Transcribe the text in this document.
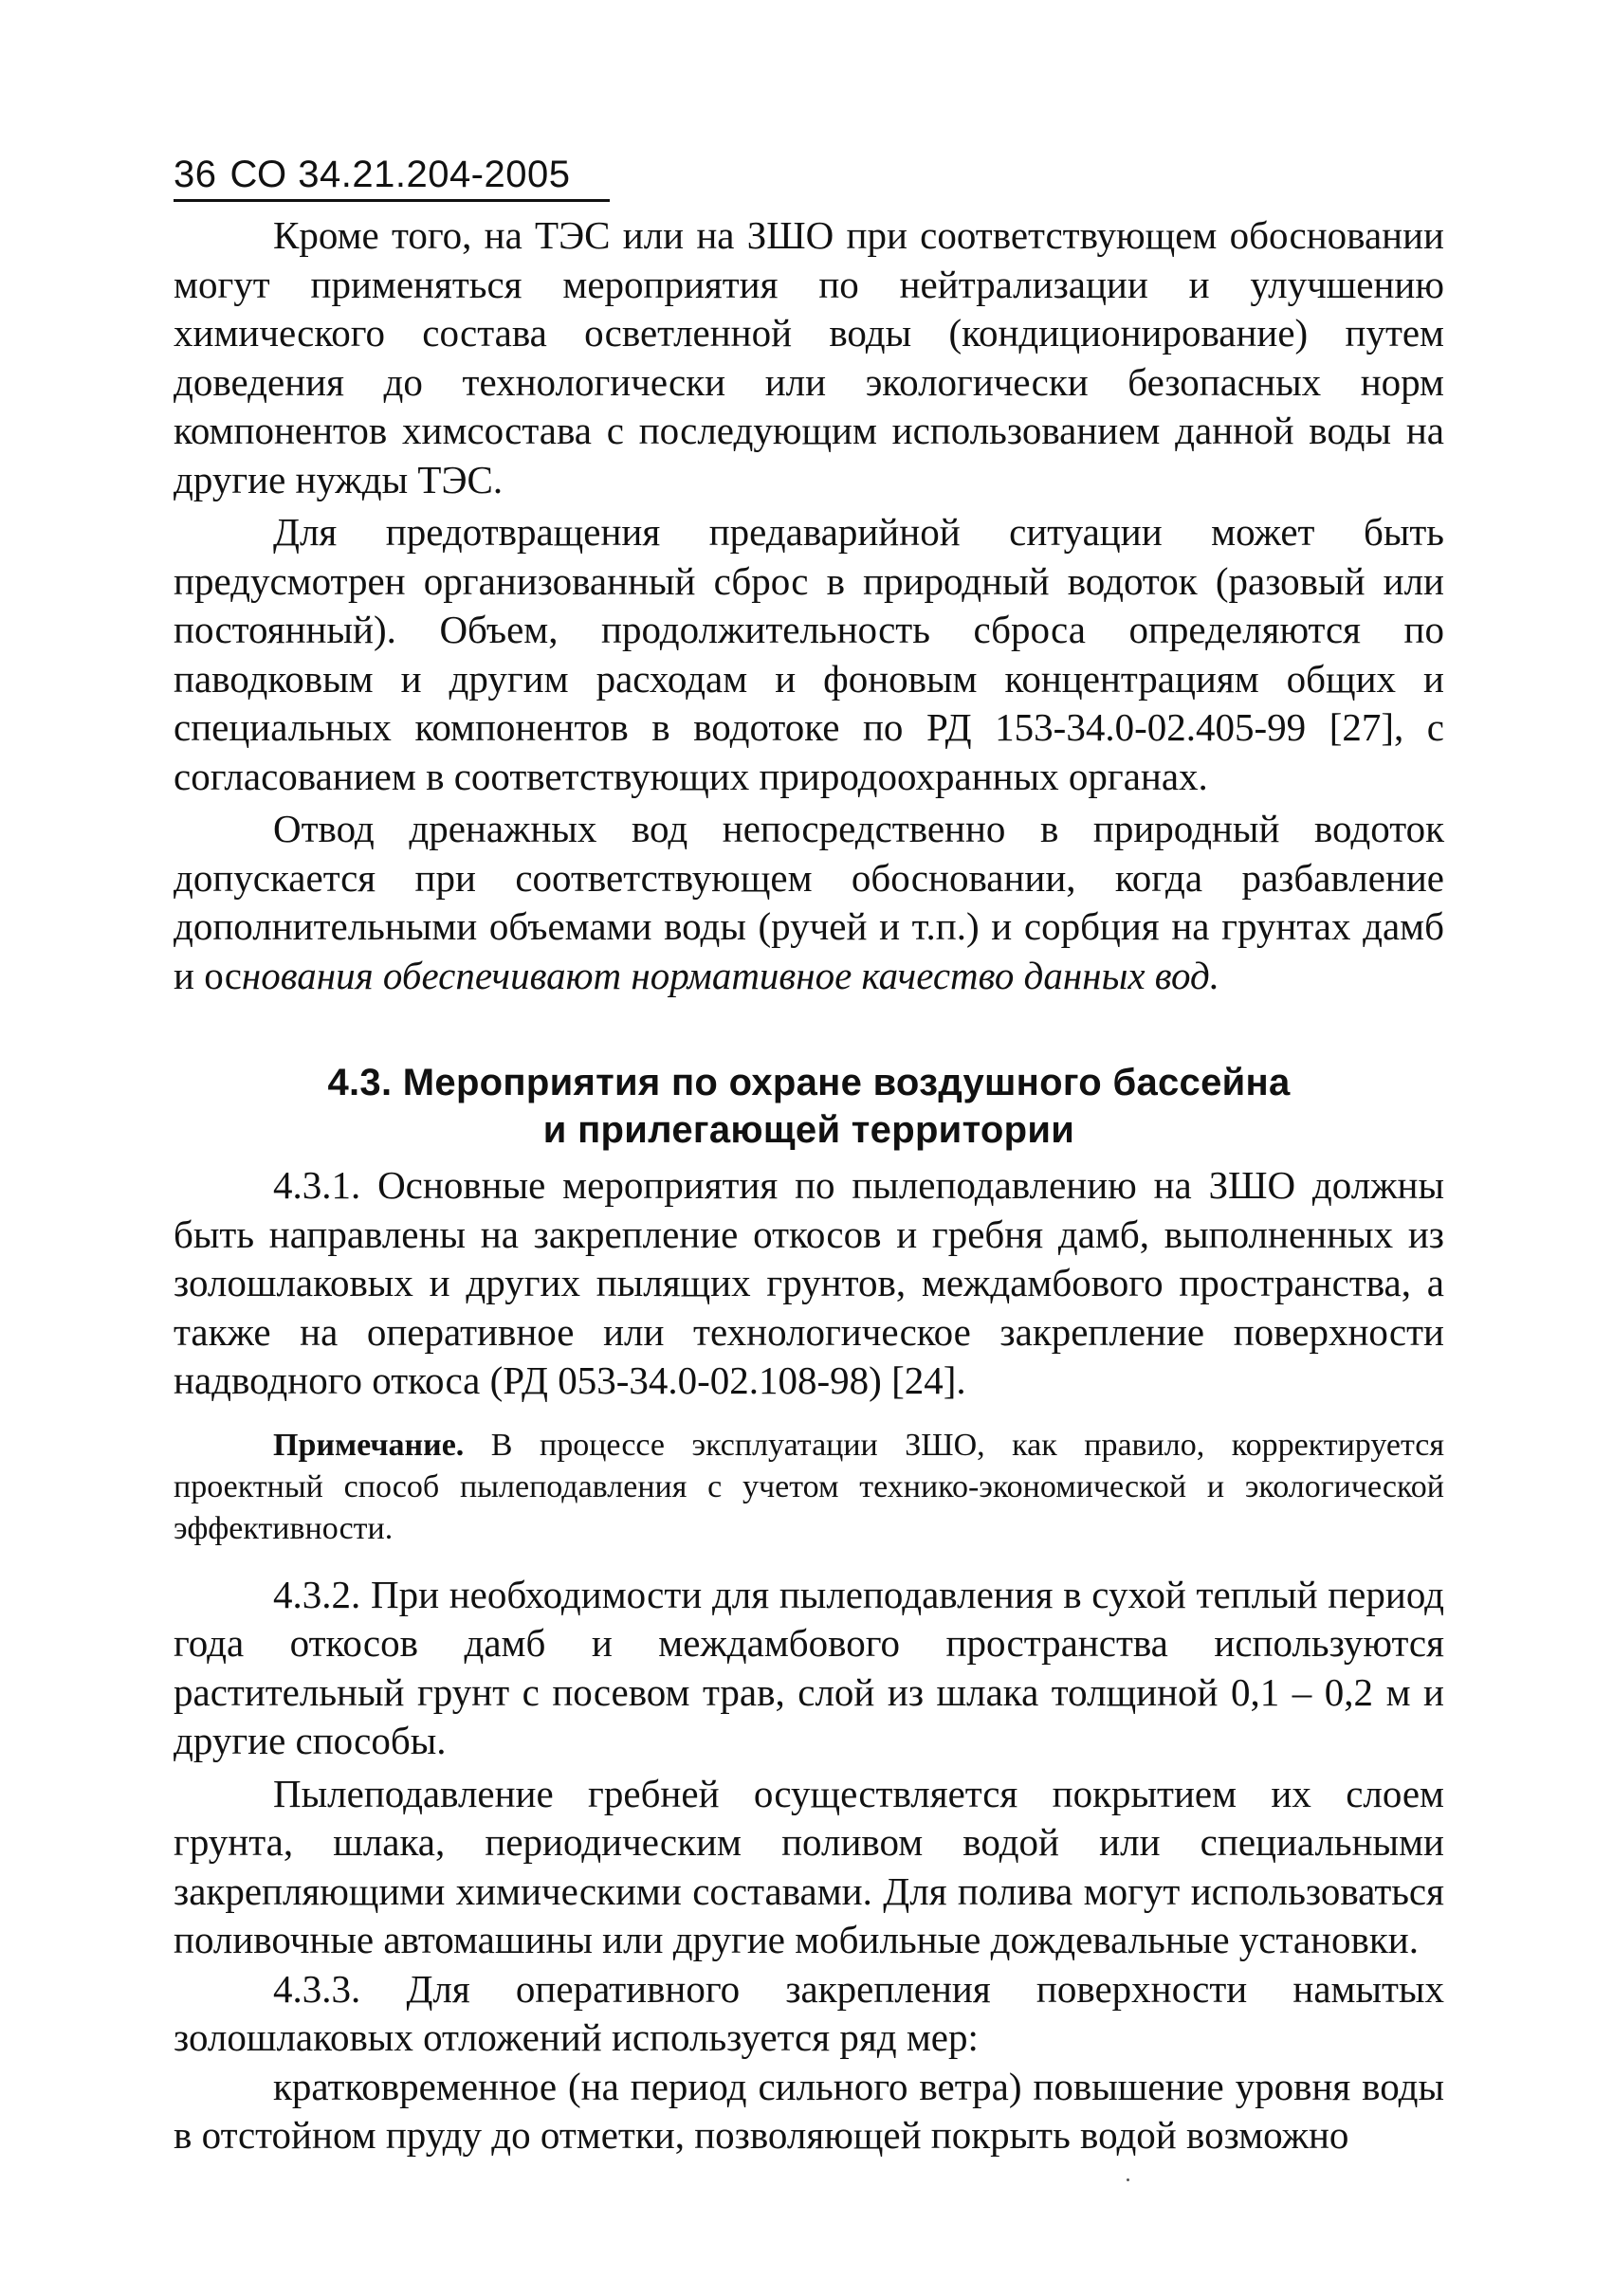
36 СО 34.21.204-2005

Кроме того, на ТЭС или на ЗШО при соответствующем обосновании могут применяться мероприятия по нейтрализации и улучшению химического состава осветленной воды (кондиционирование) путем доведения до технологически или экологически безопасных норм компонентов химсостава с последующим использованием данной воды на другие нужды ТЭС.

Для предотвращения предаварийной ситуации может быть предусмотрен организованный сброс в природный водоток (разовый или постоянный). Объем, продолжительность сброса определяются по паводковым и другим расходам и фоновым концентрациям общих и специальных компонентов в водотоке по РД 153-34.0-02.405-99 [27], с согласованием в соответствующих природоохранных органах.

Отвод дренажных вод непосредственно в природный водоток допускается при соответствующем обосновании, когда разбавление дополнительными объемами воды (ручей и т.п.) и сорбция на грунтах дамб и основания обеспечивают нормативное качество данных вод.

4.3. Мероприятия по охране воздушного бассейна
и прилегающей территории

4.3.1. Основные мероприятия по пылеподавлению на ЗШО должны быть направлены на закрепление откосов и гребня дамб, выполненных из золошлаковых и других пылящих грунтов, междамбового пространства, а также на оперативное или технологическое закрепление поверхности надводного откоса (РД 053-34.0-02.108-98) [24].

Примечание. В процессе эксплуатации ЗШО, как правило, корректируется проектный способ пылеподавления с учетом технико-экономической и экологической эффективности.

4.3.2. При необходимости для пылеподавления в сухой теплый период года откосов дамб и междамбового пространства используются растительный грунт с посевом трав, слой из шлака толщиной 0,1 – 0,2 м и другие способы.

Пылеподавление гребней осуществляется покрытием их слоем грунта, шлака, периодическим поливом водой или специальными закрепляющими химическими составами. Для полива могут использоваться поливочные автомашины или другие мобильные дождевальные установки.

4.3.3. Для оперативного закрепления поверхности намытых золошлаковых отложений используется ряд мер:

кратковременное (на период сильного ветра) повышение уровня воды в отстойном пруду до отметки, позволяющей покрыть водой возможно
